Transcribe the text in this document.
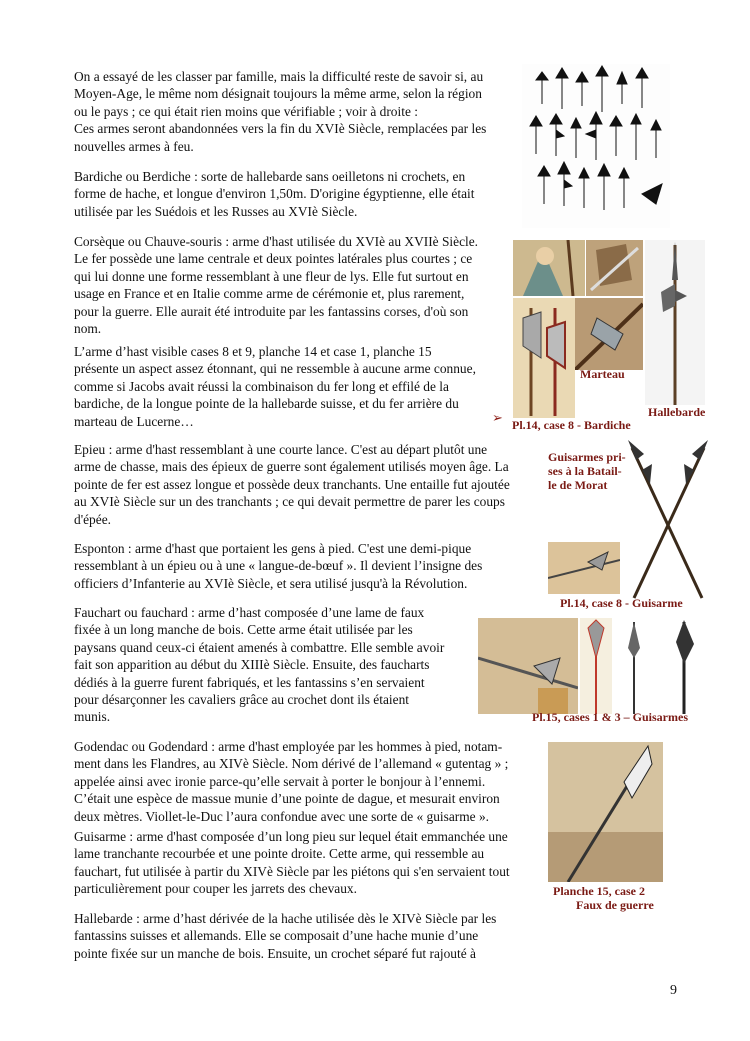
On a essayé de les classer par famille, mais la difficulté reste de savoir si, au
Moyen-Age, le même nom désignait toujours la même arme, selon la région
ou le pays ; ce qui était rien moins que vérifiable ; voir à droite :
Ces armes seront abandonnées vers la fin du XVIè Siècle, remplacées par les
nouvelles armes à feu.
Bardiche ou Berdiche : sorte de hallebarde sans oeilletons ni crochets, en
forme de hache, et longue d'environ 1,50m. D'origine égyptienne, elle était
utilisée par les Suédois et les Russes au XVIè Siècle.
Corsèque ou Chauve-souris : arme d'hast utilisée du XVIè au XVIIè Siècle.
Le fer possède une lame centrale et deux pointes latérales plus courtes ; ce
qui lui donne une forme ressemblant à une fleur de lys. Elle fut surtout en
usage en France et en Italie comme arme de cérémonie et, plus rarement,
pour la guerre. Elle aurait été introduite par les fantassins corses, d'où son
nom.
L’arme d’hast visible cases 8 et 9, planche 14 et case 1, planche 15
présente un aspect assez étonnant, qui ne ressemble à aucune arme connue,
comme si Jacobs avait réussi la combinaison du fer long et effilé de la
bardiche, de la longue pointe de la hallebarde suisse, et du fer arrière du
marteau de Lucerne…	➢
Epieu : arme d'hast ressemblant à une courte lance. C'est au départ plutôt une
arme de chasse, mais des épieux de guerre sont également utilisés moyen âge. La
pointe de fer est assez longue et possède deux tranchants. Une entaille fut ajoutée
au XVIè Siècle sur un des tranchants ; ce qui devait permettre de parer les coups
d'épée.
Esponton : arme d'hast que portaient les gens à pied. C'est une demi-pique
ressemblant à un épieu ou à une « langue-de-bœuf ». Il devient l’insigne des
officiers d’Infanterie au XVIè Siècle, et sera utilisé jusqu'à la Révolution.
Fauchart ou fauchard : arme d’hast composée d’une lame de faux
fixée à un long manche de bois. Cette arme était utilisée par les
paysans quand ceux-ci étaient amenés à combattre. Elle semble avoir
fait son apparition au début du XIIIè Siècle. Ensuite, des faucharts
dédiés à la guerre furent fabriqués, et les fantassins s’en servaient
pour désarçonner les cavaliers grâce au crochet dont ils étaient
munis.
Godendac ou Godendard : arme d'hast employée par les hommes à pied, notam-
ment dans les Flandres, au XIVè Siècle. Nom dérivé de l’allemand « gutentag » ;
appelée ainsi avec ironie parce-qu’elle servait à porter le bonjour à l’ennemi.
C’était une espèce de massue munie d’une pointe de dague, et mesurait environ
deux mètres. Viollet-le-Duc l’aura confondue avec une sorte de « guisarme ».
Guisarme : arme d'hast composée d’un long pieu sur lequel était emmanchée une
lame tranchante recourbée et une pointe droite. Cette arme, qui ressemble au
fauchart, fut utilisée à partir du XIVè Siècle par les piétons qui s'en servaient tout
particulièrement pour couper les jarrets des chevaux.
Hallebarde : arme d’hast dérivée de la hache utilisée dès le XIVè Siècle par les
fantassins suisses et allemands. Elle se composait d’une hache munie d’une
pointe fixée sur un manche de bois. Ensuite, un crochet séparé fut rajouté à
Marteau
Hallebarde
Pl.14, case 8 - Bardiche
Guisarmes pri-
ses à la Batail-
le de Morat
Pl.14, case 8 - Guisarme
Pl.15, cases 1 & 3 – Guisarmes
Planche 15, case 2
Faux de guerre
9
